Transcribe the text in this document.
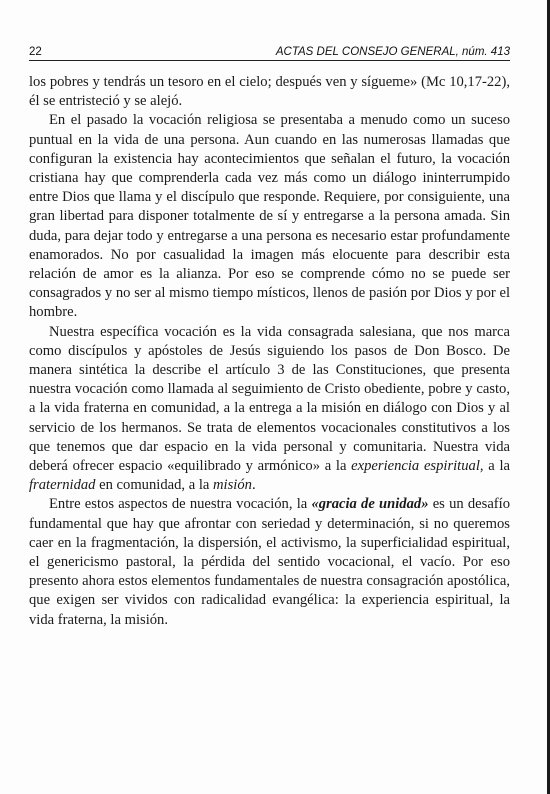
22	ACTAS DEL CONSEJO GENERAL, núm. 413

los pobres y tendrás un tesoro en el cielo; después ven y sígueme» (Mc 10,17-22), él se entristeció y se alejó.

En el pasado la vocación religiosa se presentaba a menudo como un suceso puntual en la vida de una persona. Aun cuando en las numerosas llamadas que configuran la existencia hay acontecimientos que señalan el futuro, la vocación cristiana hay que comprenderla cada vez más como un diálogo ininterrumpido entre Dios que llama y el discípulo que responde. Requiere, por consiguiente, una gran libertad para disponer totalmente de sí y entregarse a la persona amada. Sin duda, para dejar todo y entregarse a una persona es necesario estar profundamente enamorados. No por casualidad la imagen más elocuente para describir esta relación de amor es la alianza. Por eso se comprende cómo no se puede ser consagrados y no ser al mismo tiempo místicos, llenos de pasión por Dios y por el hombre.

Nuestra específica vocación es la vida consagrada salesiana, que nos marca como discípulos y apóstoles de Jesús siguiendo los pasos de Don Bosco. De manera sintética la describe el artículo 3 de las Constituciones, que presenta nuestra vocación como llamada al seguimiento de Cristo obediente, pobre y casto, a la vida fraterna en comunidad, a la entrega a la misión en diálogo con Dios y al servicio de los hermanos. Se trata de elementos vocacionales constitutivos a los que tenemos que dar espacio en la vida personal y comunitaria. Nuestra vida deberá ofrecer espacio «equilibrado y armónico» a la experiencia espiritual, a la fraternidad en comunidad, a la misión.

Entre estos aspectos de nuestra vocación, la «gracia de unidad» es un desafío fundamental que hay que afrontar con seriedad y determinación, si no queremos caer en la fragmentación, la dispersión, el activismo, la superficialidad espiritual, el genericismo pastoral, la pérdida del sentido vocacional, el vacío. Por eso presento ahora estos elementos fundamentales de nuestra consagración apostólica, que exigen ser vividos con radicalidad evangélica: la experiencia espiritual, la vida fraterna, la misión.
